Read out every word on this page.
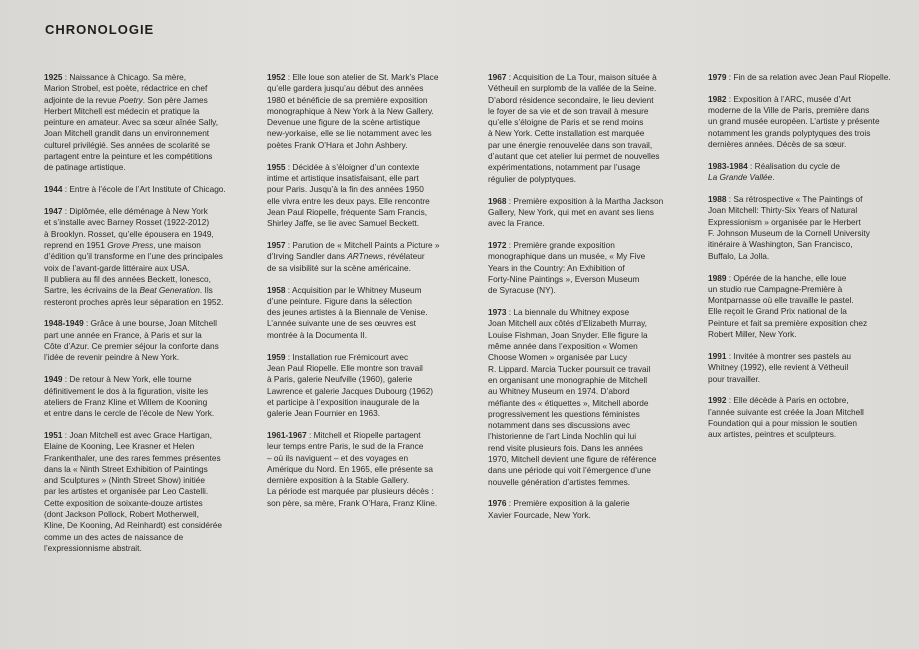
CHRONOLOGIE

1925 : Naissance à Chicago. Sa mère,
Marion Strobel, est poète, rédactrice en chef
adjointe de la revue Poetry. Son père James
Herbert Mitchell est médecin et pratique la
peinture en amateur. Avec sa sœur aînée Sally,
Joan Mitchell grandit dans un environnement
culturel privilégié. Ses années de scolarité se
partagent entre la peinture et les compétitions
de patinage artistique.

1944 : Entre à l’école de l’Art Institute of Chicago.

1947 : Diplômée, elle déménage à New York
et s’installe avec Barney Rosset (1922-2012)
à Brooklyn. Rosset, qu’elle épousera en 1949,
reprend en 1951 Grove Press, une maison
d’édition qu’il transforme en l’une des principales
voix de l’avant-garde littéraire aux USA.
Il publiera au fil des années Beckett, Ionesco,
Sartre, les écrivains de la Beat Generation. Ils
resteront proches après leur séparation en 1952.

1948-1949 : Grâce à une bourse, Joan Mitchell
part une année en France, à Paris et sur la
Côte d’Azur. Ce premier séjour la conforte dans
l’idée de revenir peindre à New York.

1949 : De retour à New York, elle tourne
définitivement le dos à la figuration, visite les
ateliers de Franz Kline et Willem de Kooning
et entre dans le cercle de l’école de New York.

1951 : Joan Mitchell est avec Grace Hartigan,
Elaine de Kooning, Lee Krasner et Helen
Frankenthaler, une des rares femmes présentes
dans la « Ninth Street Exhibition of Paintings
and Sculptures » (Ninth Street Show) initiée
par les artistes et organisée par Leo Castelli.
Cette exposition de soixante-douze artistes
(dont Jackson Pollock, Robert Motherwell,
Kline, De Kooning, Ad Reinhardt) est considérée
comme un des actes de naissance de
l’expressionnisme abstrait.

1952 : Elle loue son atelier de St. Mark’s Place
qu’elle gardera jusqu’au début des années
1980 et bénéficie de sa première exposition
monographique à New York à la New Gallery.
Devenue une figure de la scène artistique
new-yorkaise, elle se lie notamment avec les
poètes Frank O’Hara et John Ashbery.

1955 : Décidée à s’éloigner d’un contexte
intime et artistique insatisfaisant, elle part
pour Paris. Jusqu’à la fin des années 1950
elle vivra entre les deux pays. Elle rencontre
Jean Paul Riopelle, fréquente Sam Francis,
Shirley Jaffe, se lie avec Samuel Beckett.

1957 : Parution de « Mitchell Paints a Picture »
d’Irving Sandler dans ARTnews, révélateur
de sa visibilité sur la scène américaine.

1958 : Acquisition par le Whitney Museum
d’une peinture. Figure dans la sélection
des jeunes artistes à la Biennale de Venise.
L’année suivante une de ses œuvres est
montrée à la Documenta II.

1959 : Installation rue Frémicourt avec
Jean Paul Riopelle. Elle montre son travail
à Paris, galerie Neufville (1960), galerie
Lawrence et galerie Jacques Dubourg (1962)
et participe à l’exposition inaugurale de la
galerie Jean Fournier en 1963.

1961-1967 : Mitchell et Riopelle partagent
leur temps entre Paris, le sud de la France
– où ils naviguent – et des voyages en
Amérique du Nord. En 1965, elle présente sa
dernière exposition à la Stable Gallery.
La période est marquée par plusieurs décès :
son père, sa mère, Frank O’Hara, Franz Kline.

1967 : Acquisition de La Tour, maison située à
Vétheuil en surplomb de la vallée de la Seine.
D’abord résidence secondaire, le lieu devient
le foyer de sa vie et de son travail à mesure
qu’elle s’éloigne de Paris et se rend moins
à New York. Cette installation est marquée
par une énergie renouvelée dans son travail,
d’autant que cet atelier lui permet de nouvelles
expérimentations, notamment par l’usage
régulier de polyptyques.

1968 : Première exposition à la Martha Jackson
Gallery, New York, qui met en avant ses liens
avec la France.

1972 : Première grande exposition
monographique dans un musée, « My Five
Years in the Country: An Exhibition of
Forty-Nine Paintings », Everson Museum
de Syracuse (NY).

1973 : La biennale du Whitney expose
Joan Mitchell aux côtés d’Elizabeth Murray,
Louise Fishman, Joan Snyder. Elle figure la
même année dans l’exposition « Women
Choose Women » organisée par Lucy
R. Lippard. Marcia Tucker poursuit ce travail
en organisant une monographie de Mitchell
au Whitney Museum en 1974. D’abord
méfiante des « étiquettes », Mitchell aborde
progressivement les questions féministes
notamment dans ses discussions avec
l’historienne de l’art Linda Nochlin qui lui
rend visite plusieurs fois. Dans les années
1970, Mitchell devient une figure de référence
dans une période qui voit l’émergence d’une
nouvelle génération d’artistes femmes.

1976 : Première exposition à la galerie
Xavier Fourcade, New York.

1979 : Fin de sa relation avec Jean Paul Riopelle.

1982 : Exposition à l’ARC, musée d’Art
moderne de la Ville de Paris, première dans
un grand musée européen. L’artiste y présente
notamment les grands polyptyques des trois
dernières années. Décès de sa sœur.

1983-1984 : Réalisation du cycle de
La Grande Vallée.

1988 : Sa rétrospective « The Paintings of
Joan Mitchell: Thirty-Six Years of Natural
Expressionism » organisée par le Herbert
F. Johnson Museum de la Cornell University
itinéraire à Washington, San Francisco,
Buffalo, La Jolla.

1989 : Opérée de la hanche, elle loue
un studio rue Campagne-Première à
Montparnasse où elle travaille le pastel.
Elle reçoit le Grand Prix national de la
Peinture et fait sa première exposition chez
Robert Miller, New York.

1991 : Invitée à montrer ses pastels au
Whitney (1992), elle revient à Vétheuil
pour travailler.

1992 : Elle décède à Paris en octobre,
l’année suivante est créée la Joan Mitchell
Foundation qui a pour mission le soutien
aux artistes, peintres et sculpteurs.
